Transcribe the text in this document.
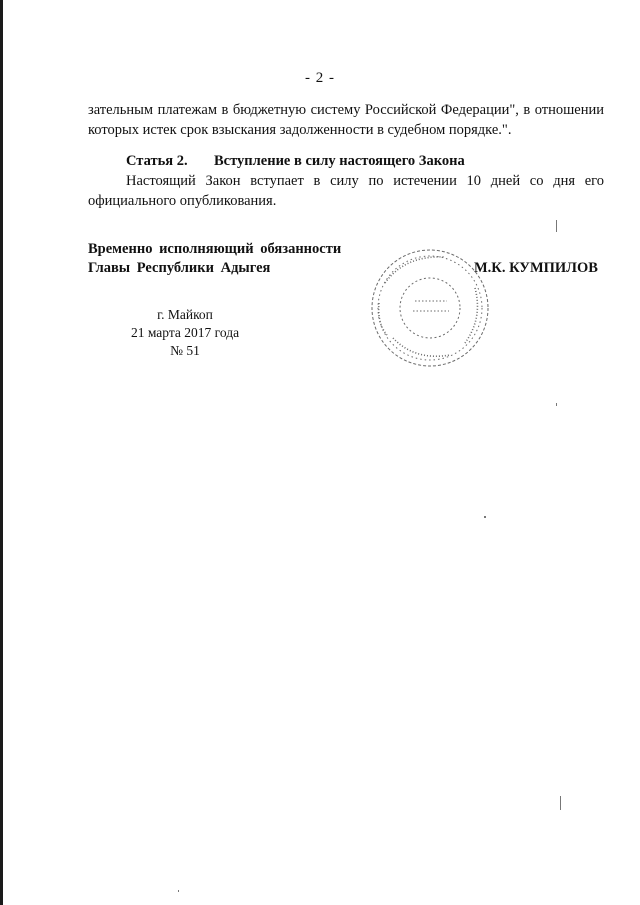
- 2 -
зательным платежам в бюджетную систему Российской Федерации", в отношении которых истек срок взыскания задолженности в судебном порядке.".
Статья 2. Вступление в силу настоящего Закона
Настоящий Закон вступает в силу по истечении 10 дней со дня его официального опубликования.
Временно исполняющий обязанности
Главы Республики Адыгея	М.К. КУМПИЛОВ
г. Майкоп
21 марта 2017 года
№ 51
